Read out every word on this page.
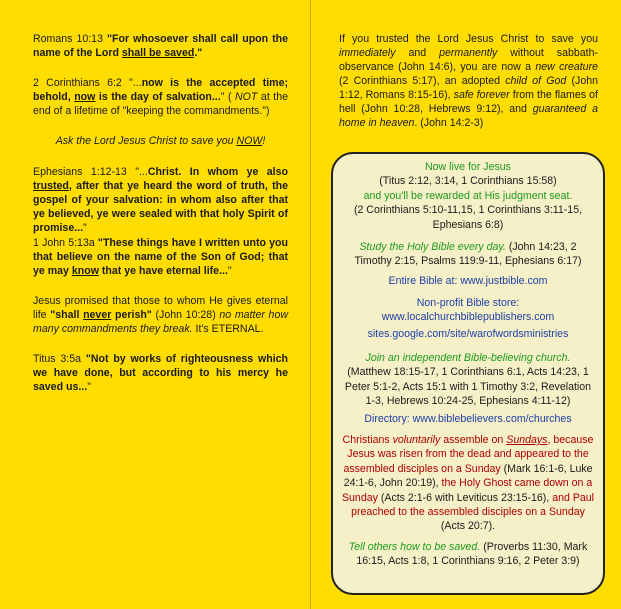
Romans 10:13 "For whosoever shall call upon the name of the Lord shall be saved."

2 Corinthians 6:2 "...now is the accepted time; behold, now is the day of salvation..." ( NOT at the end of a lifetime of "keeping the commandments.")

Ask the Lord Jesus Christ to save you NOW!

Ephesians 1:12-13 "...Christ. In whom ye also trusted, after that ye heard the word of truth, the gospel of your salvation: in whom also after that ye believed, ye were sealed with that holy Spirit of promise..."

1 John 5:13a "These things have I written unto you that believe on the name of the Son of God; that ye may know that ye have eternal life..."

Jesus promised that those to whom He gives eternal life "shall never perish" (John 10:28) no matter how many commandments they break. It's ETERNAL.

Titus 3:5a "Not by works of righteousness which we have done, but according to his mercy he saved us..."

If you trusted the Lord Jesus Christ to save you immediately and permanently without sabbath-observance (John 14:6), you are now a new creature (2 Corinthians 5:17), an adopted child of God (John 1:12, Romans 8:15-16), safe forever from the flames of hell (John 10:28, Hebrews 9:12), and guaranteed a home in heaven. (John 14:2-3)

Now live for Jesus
(Titus 2:12, 3:14, 1 Corinthians 15:58)
and you'll be rewarded at His judgment seat.
(2 Corinthians 5:10-11,15, 1 Corinthians 3:11-15, Ephesians 6:8)

Study the Holy Bible every day. (John 14:23, 2 Timothy 2:15, Psalms 119:9-11, Ephesians 6:17)

Entire Bible at: www.justbible.com

Non-profit Bible store:
www.localchurchbiblepublishers.com

sites.google.com/site/warofwordsministries

Join an independent Bible-believing church.
(Matthew 18:15-17, 1 Corinthians 6:1, Acts 14:23, 1 Peter 5:1-2, Acts 15:1 with 1 Timothy 3:2, Revelation 1-3, Hebrews 10:24-25, Ephesians 4:11-12)

Directory: www.biblebelievers.com/churches

Christians voluntarily assemble on Sundays, because Jesus was risen from the dead and appeared to the assembled disciples on a Sunday (Mark 16:1-6, Luke 24:1-6, John 20:19), the Holy Ghost came down on a Sunday (Acts 2:1-6 with Leviticus 23:15-16), and Paul preached to the assembled disciples on a Sunday (Acts 20:7).

Tell others how to be saved. (Proverbs 11:30, Mark 16:15, Acts 1:8, 1 Corinthians 9:16, 2 Peter 3:9)
